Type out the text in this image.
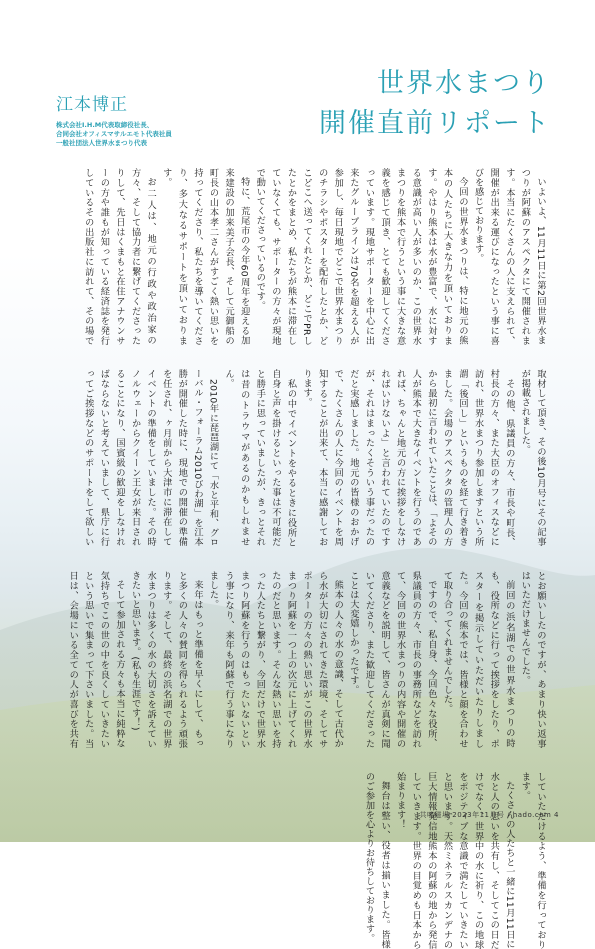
世界水まつり
開催直前リポート

江本博正

株式会社I.H.M代表取締役社長、

合同会社オフィスマサルエモト代表社員

一般社団法人世界水まつり代表

いよいよ、11月11日に第2回世界水まつりが阿蘇のアスペクタにて開催されます。本当にたくさんの人に支えられて、開催が出来る運びになったという事に喜びを感じております。

今回の世界水まつりは、特に地元の熊本の人たちに大きな力を頂いております。やはり熊本は水が豊富で、水に対する意識が高い人が多いのか、この世界水まつりを熊本で行うという事に大きな意義を感じて頂き、とても歓迎してくださっています。現地サポーターを中心に出来たグループラインは70名を超える人が参加し、毎日現地でどこで世界水まつりのチラシやポスターを配布したとか、どこどこへ送ってくれたとか、どこでPRしたとかをまとめ、私たちが熊本に滞在していなくても、サポーターの方々が現地で動いてくださっているのです。

特に、荒尾市の今年60周年を迎える加来建設の加来美子会長、そして元御船の町長の山本孝二さんがすごく熱い思いを持ってくださり、私たちを導いてくださり、多大なるサポートを頂いております。

お二人は、地元の行政や政治家の方々、そして協力者に繋げてくださったりして、先日はくまもと在住アナウンサーの方や誰もが知っている経済誌を発行しているその出版社に訪れて、その場で取材して頂き、その後10月号にその記事が掲載されました。

その他、県議員の方々、市長や町長、村長の方々、また大臣のオフィスなどに訪れ、世界水まつり参加しますという所謂「後回し」というものを経て行き着きました。会場のアスペクタの管理人の方から最初に言われていたことは、「よその人が熊本で大きなイベントを行うのであれば、ちゃんと地元の方に挨拶をしなければいけないよ」と言われていたのですが、それはまったくそういう事だったのだと実感しました。地元の皆様のおかげで、たくさんの人に今回のイベントを周知することが出来て、本当に感謝しております。

私の中でイベントをやるときに役所と自身と声を掛けるといった事は不可能だと勝手に思っていましたが、きっとそれは昔のトラウマがあるのかもしれません。

2010年に琵琶湖にて「水と平和、グローバル・フォーラム2010びわ湖」を江本勝が開催した時に、現地での開催の準備を任され、ヶ月前から大津市に滞在してイベントの準備をしていました。その時ノルウェーからクイーン王女が来日されることになり、国賓級の歓迎をしなければならないと考えていまして、県庁に行ってご挨拶などのサポートをして欲しいとお願いしたのですが、あまり快い返事はいただけませんでした。

前回の浜名湖での世界水まつりの時も、役所などに行って挨拶をしたり、ポスターを掲示していただいたりしました。今回の熊本では、皆様と顔を合わせて取り合ってくれませんでした。

ですので、私自身、今回色々な役所、県議員の方々、市長の事務所などを訪れて、今回の世界水まつりの内容や開催の意義などを説明して、皆さんが真剣に聞いてくださり、また歓迎してくださったことは大変嬉しかったです。

熊本の人々の水の意識、そして古代から水が大切にされてきた環境、そしてサポーターの方々の熱い思いがこの世界水まつり阿蘇を一つ上の次元に上げてくれたのだと思います。そんな熱い思いを持った人たちと繋がり、今回だけで世界水まつり阿蘇を行うのはもったいないという事になり、来年も阿蘇で行う事になりました。

来年はもっと準備を早くにして、もっと多くの人々の賛同を得られるよう頑張ります。そして、最終の浜名湖での世界水まつりは多くの水の大切さを訴えていきたいと思います。(私も生涯です！)

そして参加される方々も本当に純粋な気持ちでこの世の中を良くしていきたいという思いで集まって下さいました。当日は、会場にいる全ての人が喜びを共有していただけるよう、準備を行っております。

たくさんの人たちと一緒に11月11日に水と人の思いを共有し、そしてこの日だけでなく、世界中の水に祈り、この地球をポジティブな意識で満たしていきたいと思います。天然ミネラルスカンデナの巨大情報発信地熊本の阿蘇の地から発信していきます。世界の目覚めも日本から始まります！

舞台は整い、役者は揃いました。皆様のご参加を心よりお待ちしております。	共鳴磁場 2023年11月号 / hado.com 4
